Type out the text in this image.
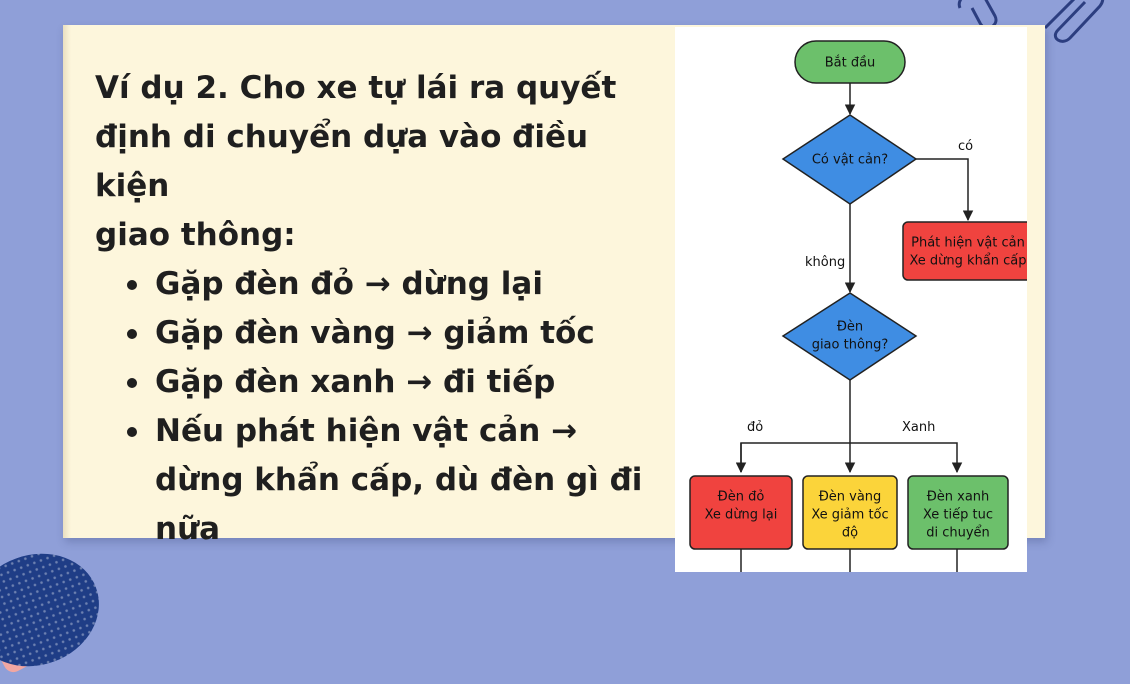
Ví dụ 2. Cho xe tự lái ra quyết

định di chuyển dựa vào điều kiện

giao thông:

Gặp đèn đỏ → dừng lại
Gặp đèn vàng → giảm tốc
Gặp đèn xanh → đi tiếp
Nếu phát hiện vật cản →
dừng khẩn cấp, dù đèn gì đi
nữa
Bắt đầu
Có vật cản?
có
không
Phát hiện vật cản
Xe dừng khẩn cấp
Đèn
giao thông?
đỏ	Xanh
Đèn đỏ
Xe dừng lại
Đèn vàng
Xe giảm tốc
độ
Đèn xanh
Xe tiếp tuc
di chuyển
